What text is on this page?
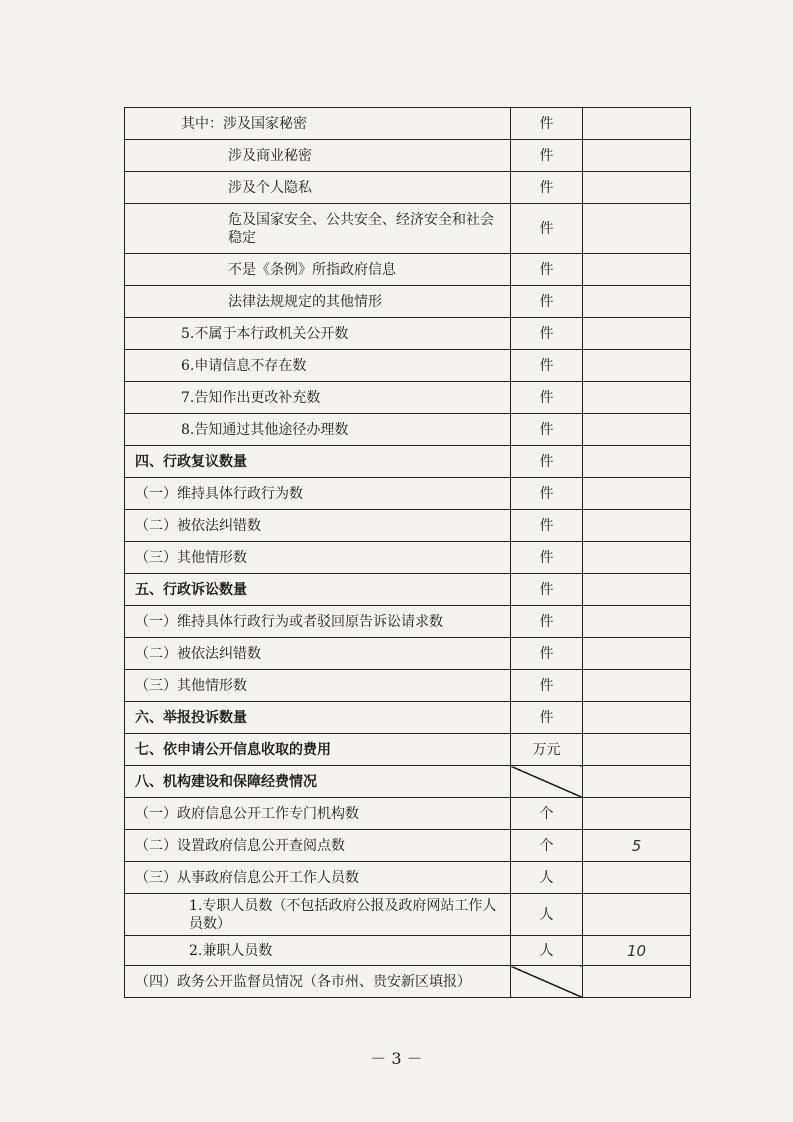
其中：涉及国家秘密	件	
涉及商业秘密	件	
涉及个人隐私	件	
危及国家安全、公共安全、经济安全和社会稳定	件	
不是《条例》所指政府信息	件	
法律法规规定的其他情形	件	
5.不属于本行政机关公开数	件	
6.申请信息不存在数	件	
7.告知作出更改补充数	件	
8.告知通过其他途径办理数	件	
四、行政复议数量	件	
（一）维持具体行政行为数	件	
（二）被依法纠错数	件	
（三）其他情形数	件	
五、行政诉讼数量	件	
（一）维持具体行政行为或者驳回原告诉讼请求数	件	
（二）被依法纠错数	件	
（三）其他情形数	件	
六、举报投诉数量	件	
七、依申请公开信息收取的费用	万元	
八、机构建设和保障经费情况		
（一）政府信息公开工作专门机构数	个	
（二）设置政府信息公开查阅点数	个	5
（三）从事政府信息公开工作人员数	人	
1.专职人员数（不包括政府公报及政府网站工作人员数）	人	
2.兼职人员数	人	10
（四）政务公开监督员情况（各市州、贵安新区填报）		
－ 3 －
